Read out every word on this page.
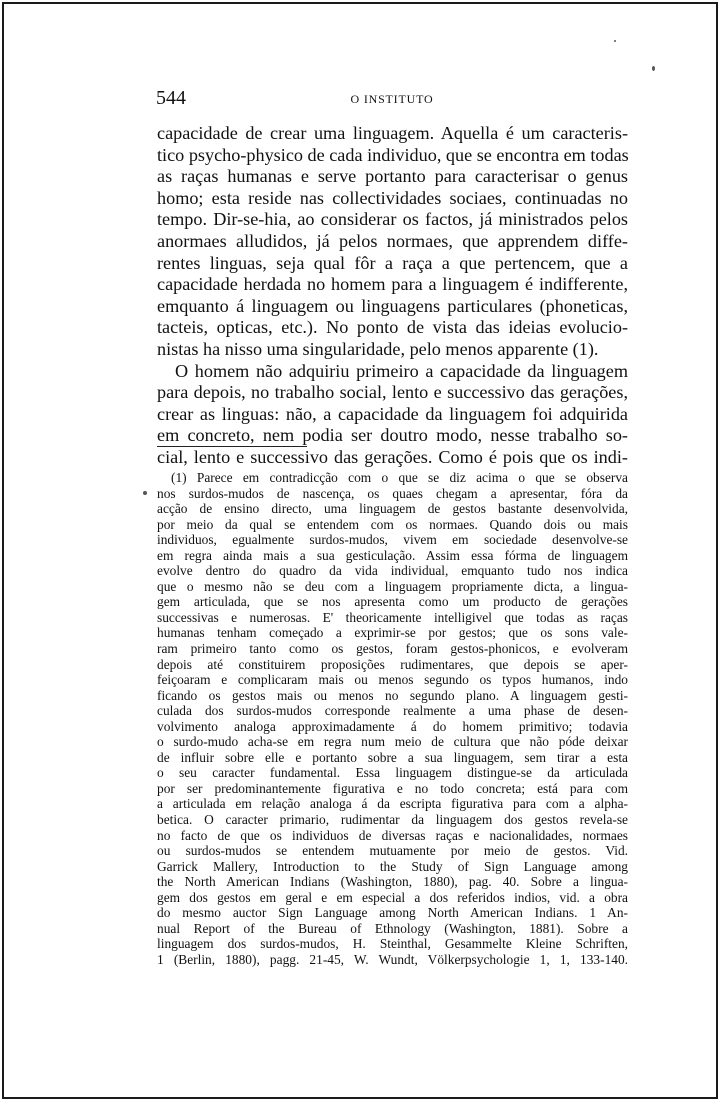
544	O INSTITUTO
capacidade de crear uma linguagem. Aquella é um caracteris-
tico psycho-physico de cada individuo, que se encontra em todas
as raças humanas e serve portanto para caracterisar o genus
homo; esta reside nas collectividades sociaes, continuadas no
tempo. Dir-se-hia, ao considerar os factos, já ministrados pelos
anormaes alludidos, já pelos normaes, que apprendem diffe-
rentes linguas, seja qual fôr a raça a que pertencem, que a
capacidade herdada no homem para a linguagem é indifferente,
emquanto á linguagem ou linguagens particulares (phoneticas,
tacteis, opticas, etc.). No ponto de vista das ideias evolucio-
nistas ha nisso uma singularidade, pelo menos apparente (1).
O homem não adquiriu primeiro a capacidade da linguagem
para depois, no trabalho social, lento e successivo das gerações,
crear as linguas: não, a capacidade da linguagem foi adquirida
em concreto, nem podia ser doutro modo, nesse trabalho so-
cial, lento e successivo das gerações. Como é pois que os indi-
(1) Parece em contradicção com o que se diz acima o que se observa
nos surdos-mudos de nascença, os quaes chegam a apresentar, fóra da
acção de ensino directo, uma linguagem de gestos bastante desenvolvida,
por meio da qual se entendem com os normaes. Quando dois ou mais
individuos, egualmente surdos-mudos, vivem em sociedade desenvolve-se
em regra ainda mais a sua gesticulação. Assim essa fórma de linguagem
evolve dentro do quadro da vida individual, emquanto tudo nos indica
que o mesmo não se deu com a linguagem propriamente dicta, a lingua-
gem articulada, que se nos apresenta como um producto de gerações
successivas e numerosas. E' theoricamente intelligivel que todas as raças
humanas tenham começado a exprimir-se por gestos; que os sons vale-
ram primeiro tanto como os gestos, foram gestos-phonicos, e evolveram
depois até constituirem proposições rudimentares, que depois se aper-
feiçoaram e complicaram mais ou menos segundo os typos humanos, indo
ficando os gestos mais ou menos no segundo plano. A linguagem gesti-
culada dos surdos-mudos corresponde realmente a uma phase de desen-
volvimento analoga approximadamente á do homem primitivo; todavia
o surdo-mudo acha-se em regra num meio de cultura que não póde deixar
de influir sobre elle e portanto sobre a sua linguagem, sem tirar a esta
o seu caracter fundamental. Essa linguagem distingue-se da articulada
por ser predominantemente figurativa e no todo concreta; está para com
a articulada em relação analoga á da escripta figurativa para com a alpha-
betica. O caracter primario, rudimentar da linguagem dos gestos revela-se
no facto de que os individuos de diversas raças e nacionalidades, normaes
ou surdos-mudos se entendem mutuamente por meio de gestos. Vid.
Garrick Mallery, Introduction to the Study of Sign Language among
the North American Indians (Washington, 1880), pag. 40. Sobre a lingua-
gem dos gestos em geral e em especial a dos referidos indios, vid. a obra
do mesmo auctor Sign Language among North American Indians. 1 An-
nual Report of the Bureau of Ethnology (Washington, 1881). Sobre a
linguagem dos surdos-mudos, H. Steinthal, Gesammelte Kleine Schriften,
1 (Berlin, 1880), pagg. 21-45, W. Wundt, Völkerpsychologie 1, 1, 133-140.
